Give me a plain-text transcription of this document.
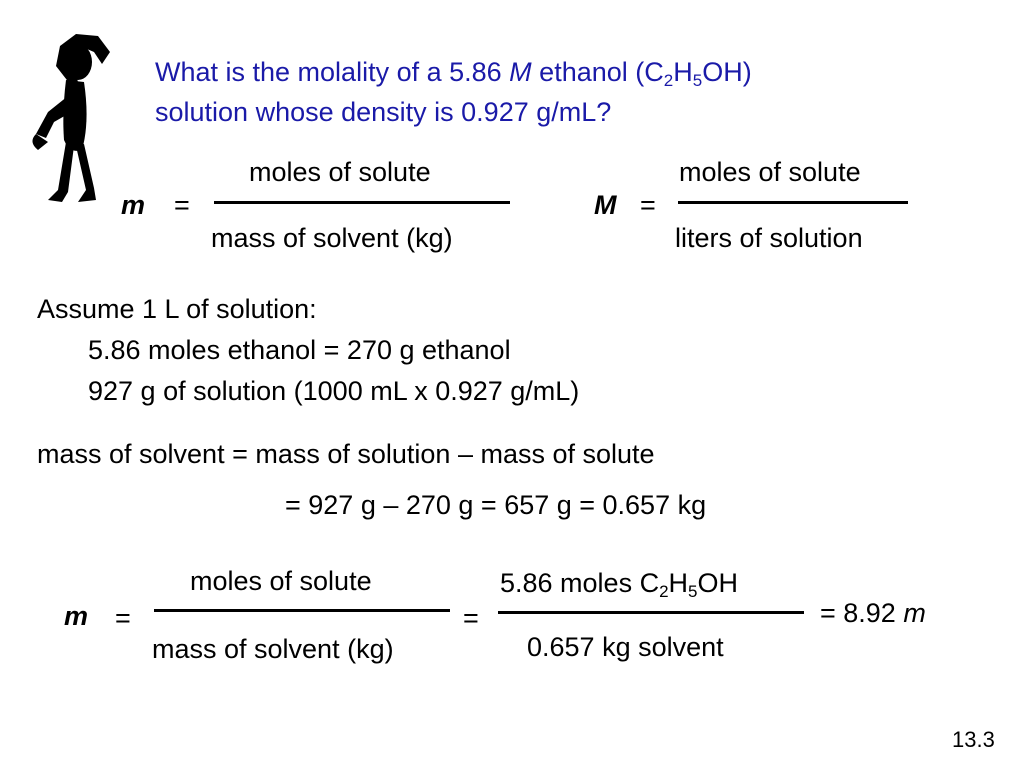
What is the molality of a 5.86 M ethanol $(C_2H_5OH)$
solution whose density is 0.927 g/mL?
m =
moles of solute
mass of solvent (kg)
M =
moles of solute
liters of solution
Assume 1 L of solution:
5.86 moles ethanol = 270 g ethanol
927 g of solution (1000 mL x 0.927 g/mL)
mass of solvent = mass of solution – mass of solute
= 927 g – 270 g = 657 g = 0.657 kg
m =
moles of solute
mass of solvent (kg)
=
5.86 moles $C_2H_5OH$
0.657 kg solvent
= 8.92 m
13.3
